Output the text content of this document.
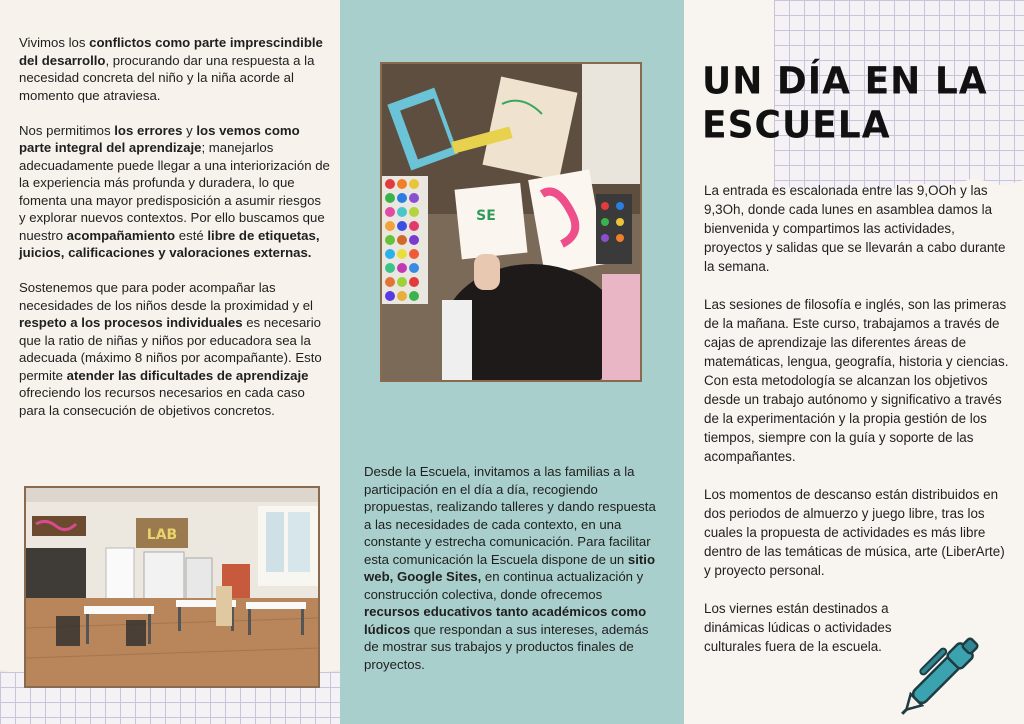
Vivimos los conflictos como parte imprescindible del desarrollo, procurando dar una respuesta a la necesidad concreta del niño y la niña acorde al momento que atraviesa.

Nos permitimos los errores y los vemos como parte integral del aprendizaje; manejarlos adecuadamente puede llegar a una interiorización de la experiencia más profunda y duradera, lo que fomenta una mayor predisposición a asumir riesgos y explorar nuevos contextos. Por ello buscamos que nuestro acompañamiento esté libre de etiquetas, juicios, calificaciones y valoraciones externas.

Sostenemos que para poder acompañar las necesidades de los niños desde la proximidad y el respeto a los procesos individuales es necesario que la ratio de niñas y niños por educadora sea la adecuada (máximo 8 niños por acompañante). Esto permite atender las dificultades de aprendizaje ofreciendo los recursos necesarios en cada caso para la consecución de objetivos concretos.

LAB
SE

Desde la Escuela, invitamos a las familias a la participación en el día a día, recogiendo propuestas, realizando talleres y dando respuesta a las necesidades de cada contexto, en una constante y estrecha comunicación. Para facilitar esta comunicación la Escuela dispone de un sitio web, Google Sites, en continua actualización y construcción colectiva, donde ofrecemos recursos educativos tanto académicos como lúdicos que respondan a sus intereses, además de mostrar sus trabajos y productos finales de proyectos.

UN DÍA EN LA
ESCUELA

La entrada es escalonada entre las 9,OOh y las 9,3Oh, donde cada lunes en asamblea damos la bienvenida y compartimos las actividades, proyectos y salidas que se llevarán a cabo durante la semana.

Las sesiones de filosofía e inglés, son las primeras de la mañana. Este curso, trabajamos a través de cajas de aprendizaje las diferentes áreas de matemáticas, lengua, geografía, historia y ciencias. Con esta metodología se alcanzan los objetivos desde un trabajo autónomo y significativo a través de la experimentación y la propia gestión de los tiempos, siempre con la guía y soporte de las acompañantes.

Los momentos de descanso están distribuidos en dos periodos de almuerzo y juego libre, tras los cuales la propuesta de actividades es más libre dentro de las temáticas de música, arte (LiberArte) y proyecto personal.

Los viernes están destinados a dinámicas lúdicas o actividades culturales fuera de la escuela.
